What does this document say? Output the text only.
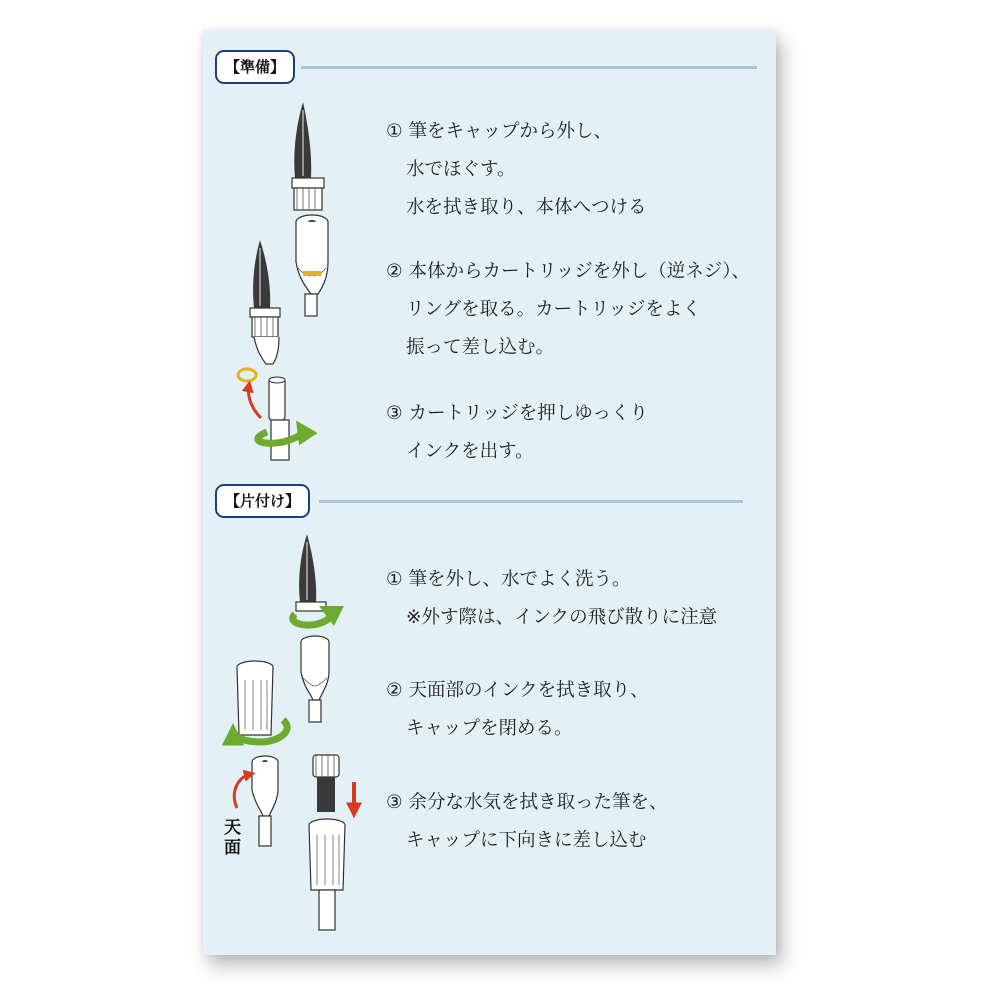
【準備】
① 筆をキャップから外し、
水でほぐす。
水を拭き取り、本体へつける
② 本体からカートリッジを外し（逆ネジ）、
リングを取る。カートリッジをよく
振って差し込む。
③ カートリッジを押しゆっくり
インクを出す。
【片付け】
① 筆を外し、水でよく洗う。
※外す際は、インクの飛び散りに注意
② 天面部のインクを拭き取り、
キャップを閉める。
③ 余分な水気を拭き取った筆を、
キャップに下向きに差し込む
天面
